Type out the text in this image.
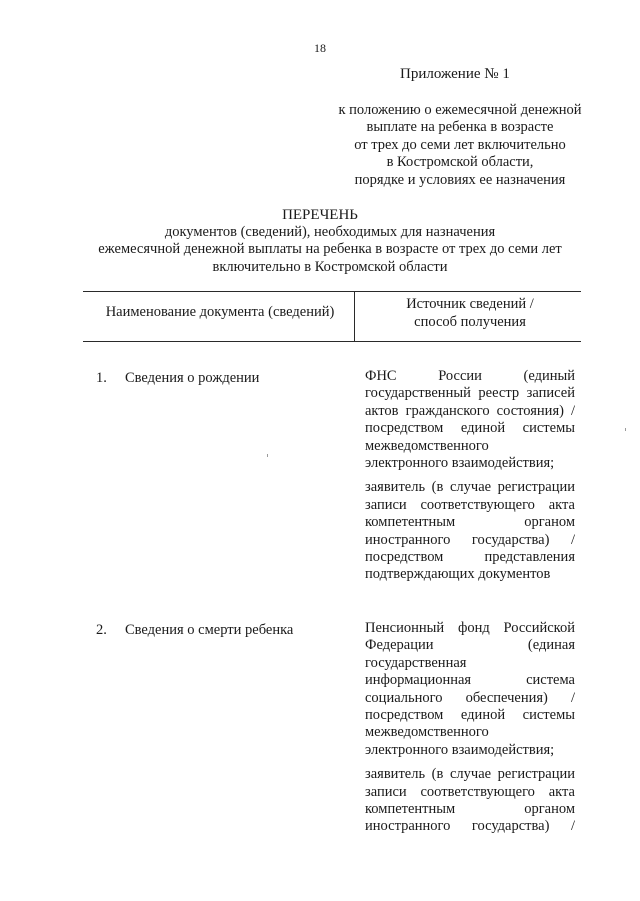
18
Приложение № 1
к положению о ежемесячной денежной
выплате на ребенка в возрасте
от трех до семи лет включительно
в Костромской области,
порядке и условиях ее назначения
ПЕРЕЧЕНЬ
документов (сведений), необходимых для назначения
ежемесячной денежной выплаты на ребенка в возрасте от трех до семи лет
включительно в Костромской области
Наименование документа (сведений)	Источник сведений /
способ получения
1.	Сведения о рождении	ФНС России (единый
государственный реестр записей
актов гражданского состояния) /
посредством единой системы
межведомственного
электронного взаимодействия;
заявитель (в случае регистрации
записи соответствующего акта
компетентным органом
иностранного государства) /
посредством представления
подтверждающих документов
2.	Сведения о смерти ребенка	Пенсионный фонд Российской
Федерации (единая
государственная
информационная система
социального обеспечения) /
посредством единой системы
межведомственного
электронного взаимодействия;
заявитель (в случае регистрации
записи соответствующего акта
компетентным органом
иностранного государства) /
